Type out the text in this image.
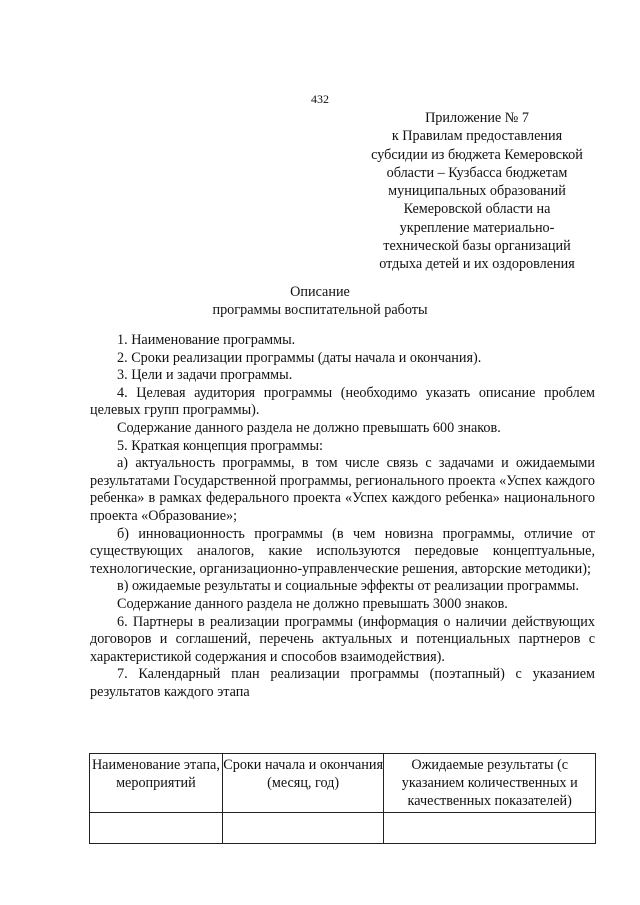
432
Приложение № 7
к Правилам предоставления
субсидии из бюджета Кемеровской
области – Кузбасса бюджетам
муниципальных образований
Кемеровской области на
укрепление материально-
технической базы организаций
отдыха детей и их оздоровления
Описание
программы воспитательной работы

1. Наименование программы.

2. Сроки реализации программы (даты начала и окончания).

3. Цели и задачи программы.

4. Целевая аудитория программы (необходимо указать описание проблем целевых групп программы).

Содержание данного раздела не должно превышать 600 знаков.

5. Краткая концепция программы:

а) актуальность программы, в том числе связь с задачами и ожидаемыми результатами Государственной программы, регионального проекта «Успех каждого ребенка» в рамках федерального проекта «Успех каждого ребенка» национального проекта «Образование»;

б) инновационность программы (в чем новизна программы, отличие от существующих аналогов, какие используются передовые концептуальные, технологические, организационно-управленческие решения, авторские методики);

в) ожидаемые результаты и социальные эффекты от реализации программы.

Содержание данного раздела не должно превышать 3000 знаков.

6. Партнеры в реализации программы (информация о наличии действующих договоров и соглашений, перечень актуальных и потенциальных партнеров с характеристикой содержания и способов взаимодействия).

7. Календарный план реализации программы (поэтапный) с указанием результатов каждого этапа

Наименование этапа, мероприятий	Сроки начала и окончания (месяц, год)	Ожидаемые результаты (с указанием количественных и качественных показателей)
